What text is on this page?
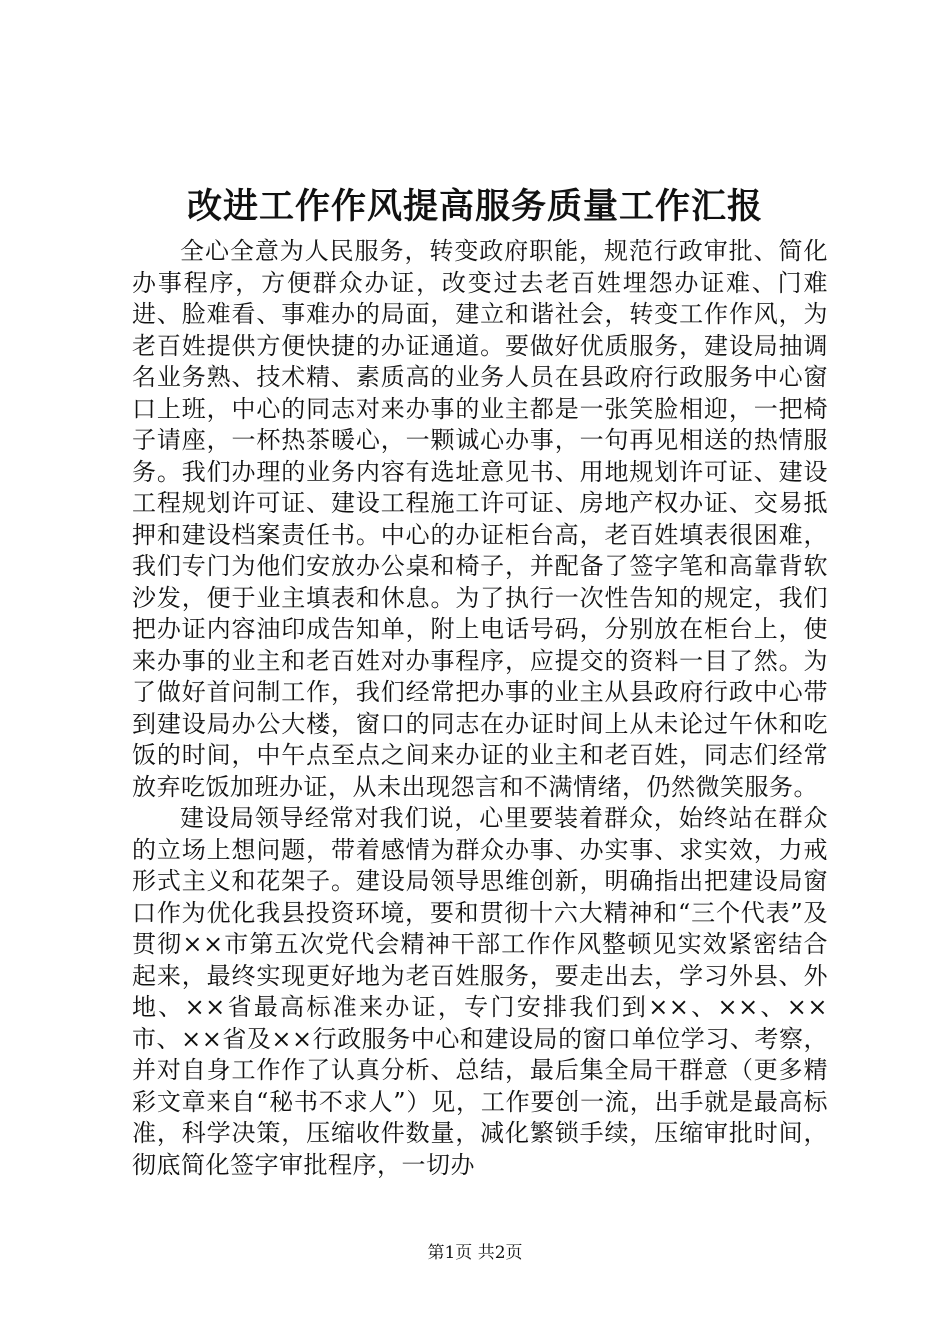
改进工作作风提高服务质量工作汇报

全心全意为人民服务，转变政府职能，规范行政审批、简化办事程序，方便群众办证，改变过去老百姓埋怨办证难、门难进、脸难看、事难办的局面，建立和谐社会，转变工作作风，为老百姓提供方便快捷的办证通道。要做好优质服务，建设局抽调名业务熟、技术精、素质高的业务人员在县政府行政服务中心窗口上班，中心的同志对来办事的业主都是一张笑脸相迎，一把椅子请座，一杯热茶暖心，一颗诚心办事，一句再见相送的热情服务。我们办理的业务内容有选址意见书、用地规划许可证、建设工程规划许可证、建设工程施工许可证、房地产权办证、交易抵押和建设档案责任书。中心的办证柜台高，老百姓填表很困难，我们专门为他们安放办公桌和椅子，并配备了签字笔和高靠背软沙发，便于业主填表和休息。为了执行一次性告知的规定，我们把办证内容油印成告知单，附上电话号码，分别放在柜台上，使来办事的业主和老百姓对办事程序，应提交的资料一目了然。为了做好首问制工作，我们经常把办事的业主从县政府行政中心带到建设局办公大楼，窗口的同志在办证时间上从未论过午休和吃饭的时间，中午点至点之间来办证的业主和老百姓，同志们经常放弃吃饭加班办证，从未出现怨言和不满情绪，仍然微笑服务。

建设局领导经常对我们说，心里要装着群众，始终站在群众的立场上想问题，带着感情为群众办事、办实事、求实效，力戒形式主义和花架子。建设局领导思维创新，明确指出把建设局窗口作为优化我县投资环境，要和贯彻十六大精神和“三个代表”及贯彻××市第五次党代会精神干部工作作风整顿见实效紧密结合起来，最终实现更好地为老百姓服务，要走出去，学习外县、外地、××省最高标准来办证，专门安排我们到××、××、××市、××省及××行政服务中心和建设局的窗口单位学习、考察，并对自身工作作了认真分析、总结，最后集全局干群意（更多精彩文章来自“秘书不求人”）见，工作要创一流，出手就是最高标准，科学决策，压缩收件数量，减化繁锁手续，压缩审批时间，彻底简化签字审批程序，一切办

第1页 共2页
